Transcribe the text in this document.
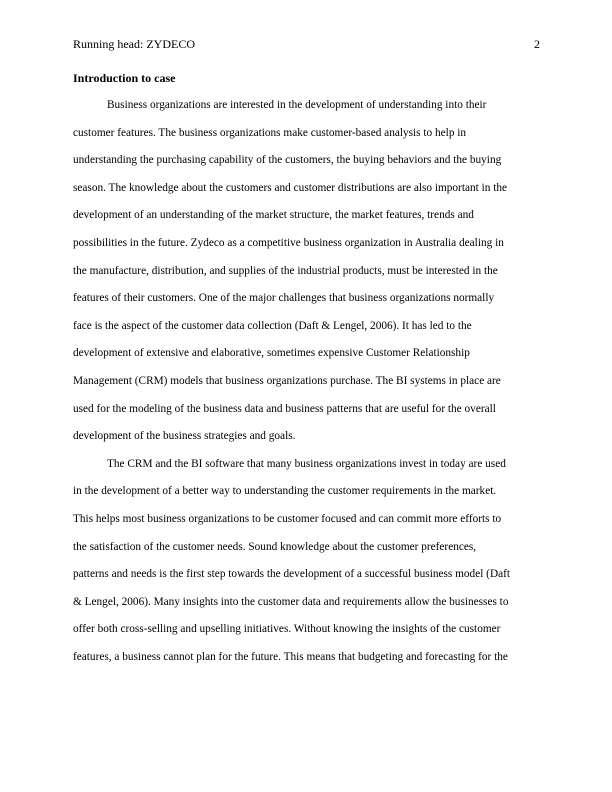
Running head: ZYDECO	2
Introduction to case
Business organizations are interested in the development of understanding into their
customer features. The business organizations make customer-based analysis to help in
understanding the purchasing capability of the customers, the buying behaviors and the buying
season. The knowledge about the customers and customer distributions are also important in the
development of an understanding of the market structure, the market features, trends and
possibilities in the future. Zydeco as a competitive business organization in Australia dealing in
the manufacture, distribution, and supplies of the industrial products, must be interested in the
features of their customers. One of the major challenges that business organizations normally
face is the aspect of the customer data collection (Daft & Lengel, 2006). It has led to the
development of extensive and elaborative, sometimes expensive Customer Relationship
Management (CRM) models that business organizations purchase. The BI systems in place are
used for the modeling of the business data and business patterns that are useful for the overall
development of the business strategies and goals.
The CRM and the BI software that many business organizations invest in today are used
in the development of a better way to understanding the customer requirements in the market.
This helps most business organizations to be customer focused and can commit more efforts to
the satisfaction of the customer needs. Sound knowledge about the customer preferences,
patterns and needs is the first step towards the development of a successful business model (Daft
& Lengel, 2006). Many insights into the customer data and requirements allow the businesses to
offer both cross-selling and upselling initiatives. Without knowing the insights of the customer
features, a business cannot plan for the future. This means that budgeting and forecasting for the
